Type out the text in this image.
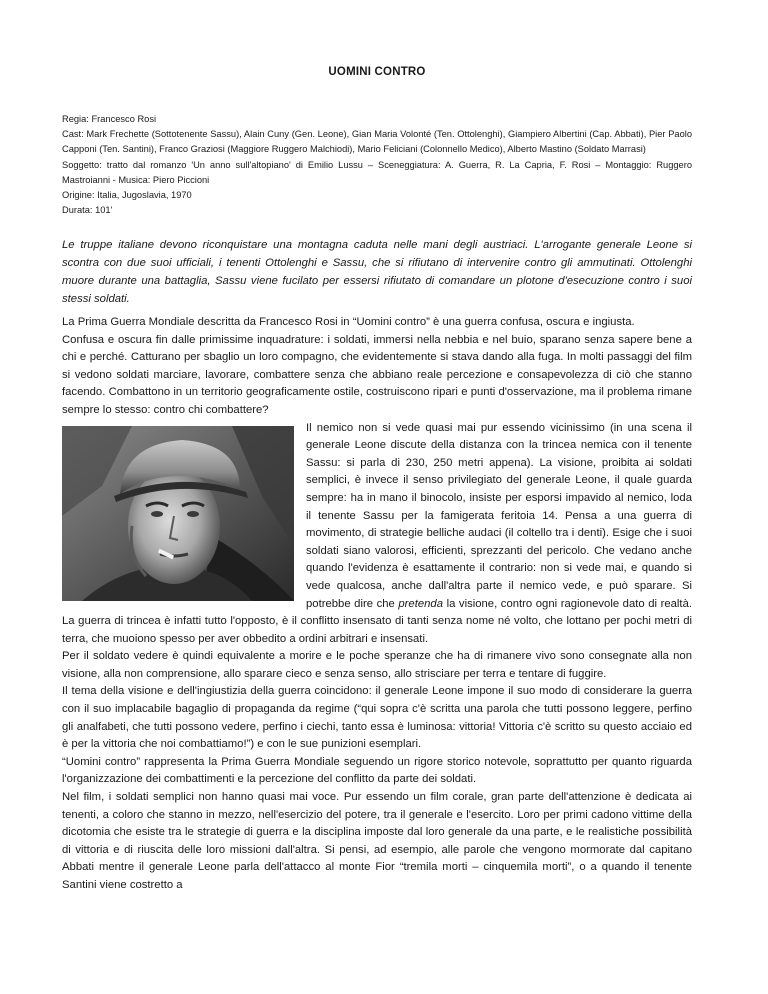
UOMINI CONTRO

Regia: Francesco Rosi

Cast: Mark Frechette (Sottotenente Sassu), Alain Cuny (Gen. Leone), Gian Maria Volonté (Ten. Ottolenghi), Giampiero Albertini (Cap. Abbati), Pier Paolo Capponi (Ten. Santini), Franco Graziosi (Maggiore Ruggero Malchiodi), Mario Feliciani (Colonnello Medico), Alberto Mastino (Soldato Marrasi)

Soggetto: tratto dal romanzo 'Un anno sull'altopiano' di Emilio Lussu – Sceneggiatura: A. Guerra, R. La Capria, F. Rosi – Montaggio: Ruggero Mastroianni - Musica: Piero Piccioni

Origine: Italia, Jugoslavia, 1970

Durata: 101'

Le truppe italiane devono riconquistare una montagna caduta nelle mani degli austriaci. L'arrogante generale Leone si scontra con due suoi ufficiali, i tenenti Ottolenghi e Sassu, che si rifiutano di intervenire contro gli ammutinati. Ottolenghi muore durante una battaglia, Sassu viene fucilato per essersi rifiutato di comandare un plotone d'esecuzione contro i suoi stessi soldati.

La Prima Guerra Mondiale descritta da Francesco Rosi in “Uomini contro” è una guerra confusa, oscura e ingiusta.

Confusa e oscura fin dalle primissime inquadrature: i soldati, immersi nella nebbia e nel buio, sparano senza sapere bene a chi e perché. Catturano per sbaglio un loro compagno, che evidentemente si stava dando alla fuga. In molti passaggi del film si vedono soldati marciare, lavorare, combattere senza che abbiano reale percezione e consapevolezza di ciò che stanno facendo. Combattono in un territorio geograficamente ostile, costruiscono ripari e punti d'osservazione, ma il problema rimane sempre lo stesso: contro chi combattere?

Il nemico non si vede quasi mai pur essendo vicinissimo (in una scena il generale Leone discute della distanza con la trincea nemica con il tenente Sassu: si parla di 230, 250 metri appena). La visione, proibita ai soldati semplici, è invece il senso privilegiato del generale Leone, il quale guarda sempre: ha in mano il binocolo, insiste per esporsi impavido al nemico, loda il tenente Sassu per la famigerata feritoia 14. Pensa a una guerra di movimento, di strategie belliche audaci (il coltello tra i denti). Esige che i suoi soldati siano valorosi, efficienti, sprezzanti del pericolo. Che vedano anche quando l'evidenza è esattamente il contrario: non si vede mai, e quando si vede qualcosa, anche dall'altra parte il nemico vede, e può sparare. Si potrebbe dire che pretenda la visione, contro ogni ragionevole dato di realtà. La guerra di trincea è infatti tutto l'opposto, è il conflitto insensato di tanti senza nome né volto, che lottano per pochi metri di terra, che muoiono spesso per aver obbedito a ordini arbitrari e insensati.

Per il soldato vedere è quindi equivalente a morire e le poche speranze che ha di rimanere vivo sono consegnate alla non visione, alla non comprensione, allo sparare cieco e senza senso, allo strisciare per terra e tentare di fuggire.

Il tema della visione e dell'ingiustizia della guerra coincidono: il generale Leone impone il suo modo di considerare la guerra con il suo implacabile bagaglio di propaganda da regime (“qui sopra c'è scritta una parola che tutti possono leggere, perfino gli analfabeti, che tutti possono vedere, perfino i ciechi, tanto essa è luminosa: vittoria! Vittoria c'è scritto su questo acciaio ed è per la vittoria che noi combattiamo!”) e con le sue punizioni esemplari.

“Uomini contro” rappresenta la Prima Guerra Mondiale seguendo un rigore storico notevole, soprattutto per quanto riguarda l'organizzazione dei combattimenti e la percezione del conflitto da parte dei soldati.

Nel film, i soldati semplici non hanno quasi mai voce. Pur essendo un film corale, gran parte dell'attenzione è dedicata ai tenenti, a coloro che stanno in mezzo, nell'esercizio del potere, tra il generale e l'esercito. Loro per primi cadono vittime della dicotomia che esiste tra le strategie di guerra e la disciplina imposte dal loro generale da una parte, e le realistiche possibilità di vittoria e di riuscita delle loro missioni dall'altra. Si pensi, ad esempio, alle parole che vengono mormorate dal capitano Abbati mentre il generale Leone parla dell'attacco al monte Fior “tremila morti – cinquemila morti”, o a quando il tenente Santini viene costretto a
